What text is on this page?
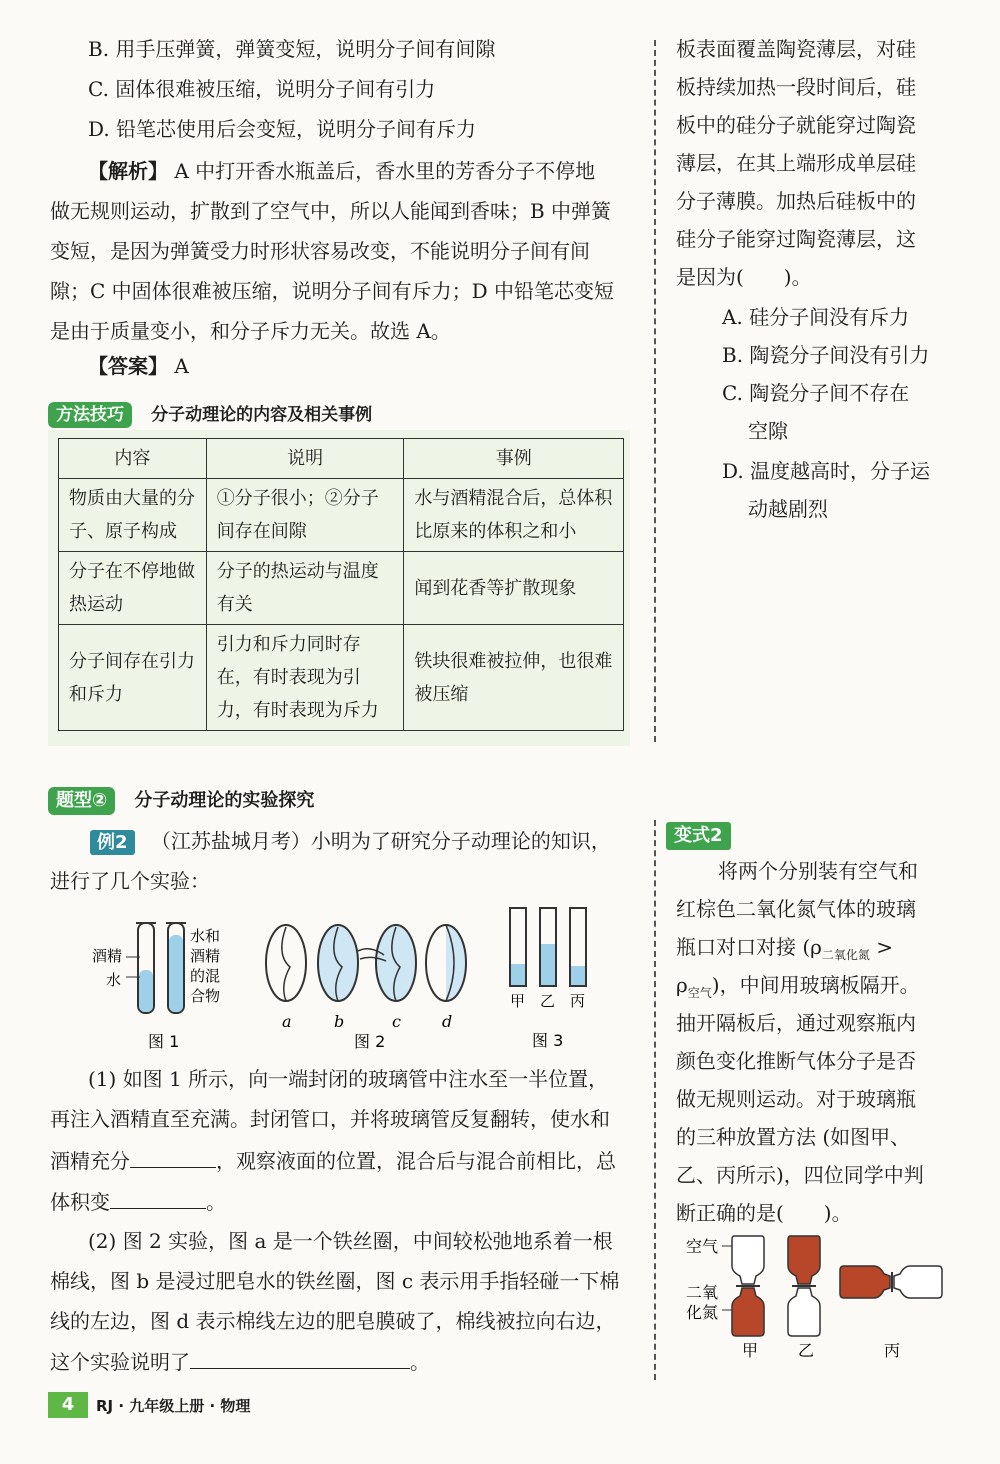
B. 用手压弹簧，弹簧变短，说明分子间有间隙
C. 固体很难被压缩，说明分子间有引力
D. 铅笔芯使用后会变短，说明分子间有斥力
【解析】 A 中打开香水瓶盖后，香水里的芳香分子不停地
做无规则运动，扩散到了空气中，所以人能闻到香味；B 中弹簧
变短，是因为弹簧受力时形状容易改变，不能说明分子间有间
隙；C 中固体很难被压缩，说明分子间有斥力；D 中铅笔芯变短
是由于质量变小，和分子斥力无关。故选 A。
【答案】 A
方法技巧 分子动理论的内容及相关事例
内容	说明	事例
物质由大量的分子、原子构成	①分子很小；②分子间存在间隙	水与酒精混合后，总体积比原来的体积之和小
分子在不停地做热运动	分子的热运动与温度有关	闻到花香等扩散现象
分子间存在引力和斥力	引力和斥力同时存在，有时表现为引力，有时表现为斥力	铁块很难被拉伸，也很难被压缩
题型② 分子动理论的实验探究
例2 （江苏盐城月考）小明为了研究分子动理论的知识，
进行了几个实验：
酒精
水
水和
酒精
的混
合物
图 1
a	b	c	d
图 2
甲 乙 丙
图 3
(1) 如图 1 所示，向一端封闭的玻璃管中注水至一半位置，
再注入酒精直至充满。封闭管口，并将玻璃管反复翻转，使水和
酒精充分	，观察液面的位置，混合后与混合前相比，总
体积变	。
(2) 图 2 实验，图 a 是一个铁丝圈，中间较松弛地系着一根
棉线，图 b 是浸过肥皂水的铁丝圈，图 c 表示用手指轻碰一下棉
线的左边，图 d 表示棉线左边的肥皂膜破了，棉线被拉向右边，
这个实验说明了	。
板表面覆盖陶瓷薄层，对硅
板持续加热一段时间后，硅
板中的硅分子就能穿过陶瓷
薄层，在其上端形成单层硅
分子薄膜。加热后硅板中的
硅分子能穿过陶瓷薄层，这
是因为(　　)。
A. 硅分子间没有斥力
B. 陶瓷分子间没有引力
C. 陶瓷分子间不存在
空隙
D. 温度越高时，分子运
动越剧烈
变式2
将两个分别装有空气和
红棕色二氧化氮气体的玻璃
瓶口对口对接 ($\rho_{二氧化氮}$ >
$\rho_{空气}$)，中间用玻璃板隔开。
抽开隔板后，通过观察瓶内
颜色变化推断气体分子是否
做无规则运动。对于玻璃瓶
的三种放置方法 (如图甲、
乙、丙所示)，四位同学中判
断正确的是(　　)。
空气
二氧
化氮
甲 乙	丙
4 RJ · 九年级上册 · 物理
